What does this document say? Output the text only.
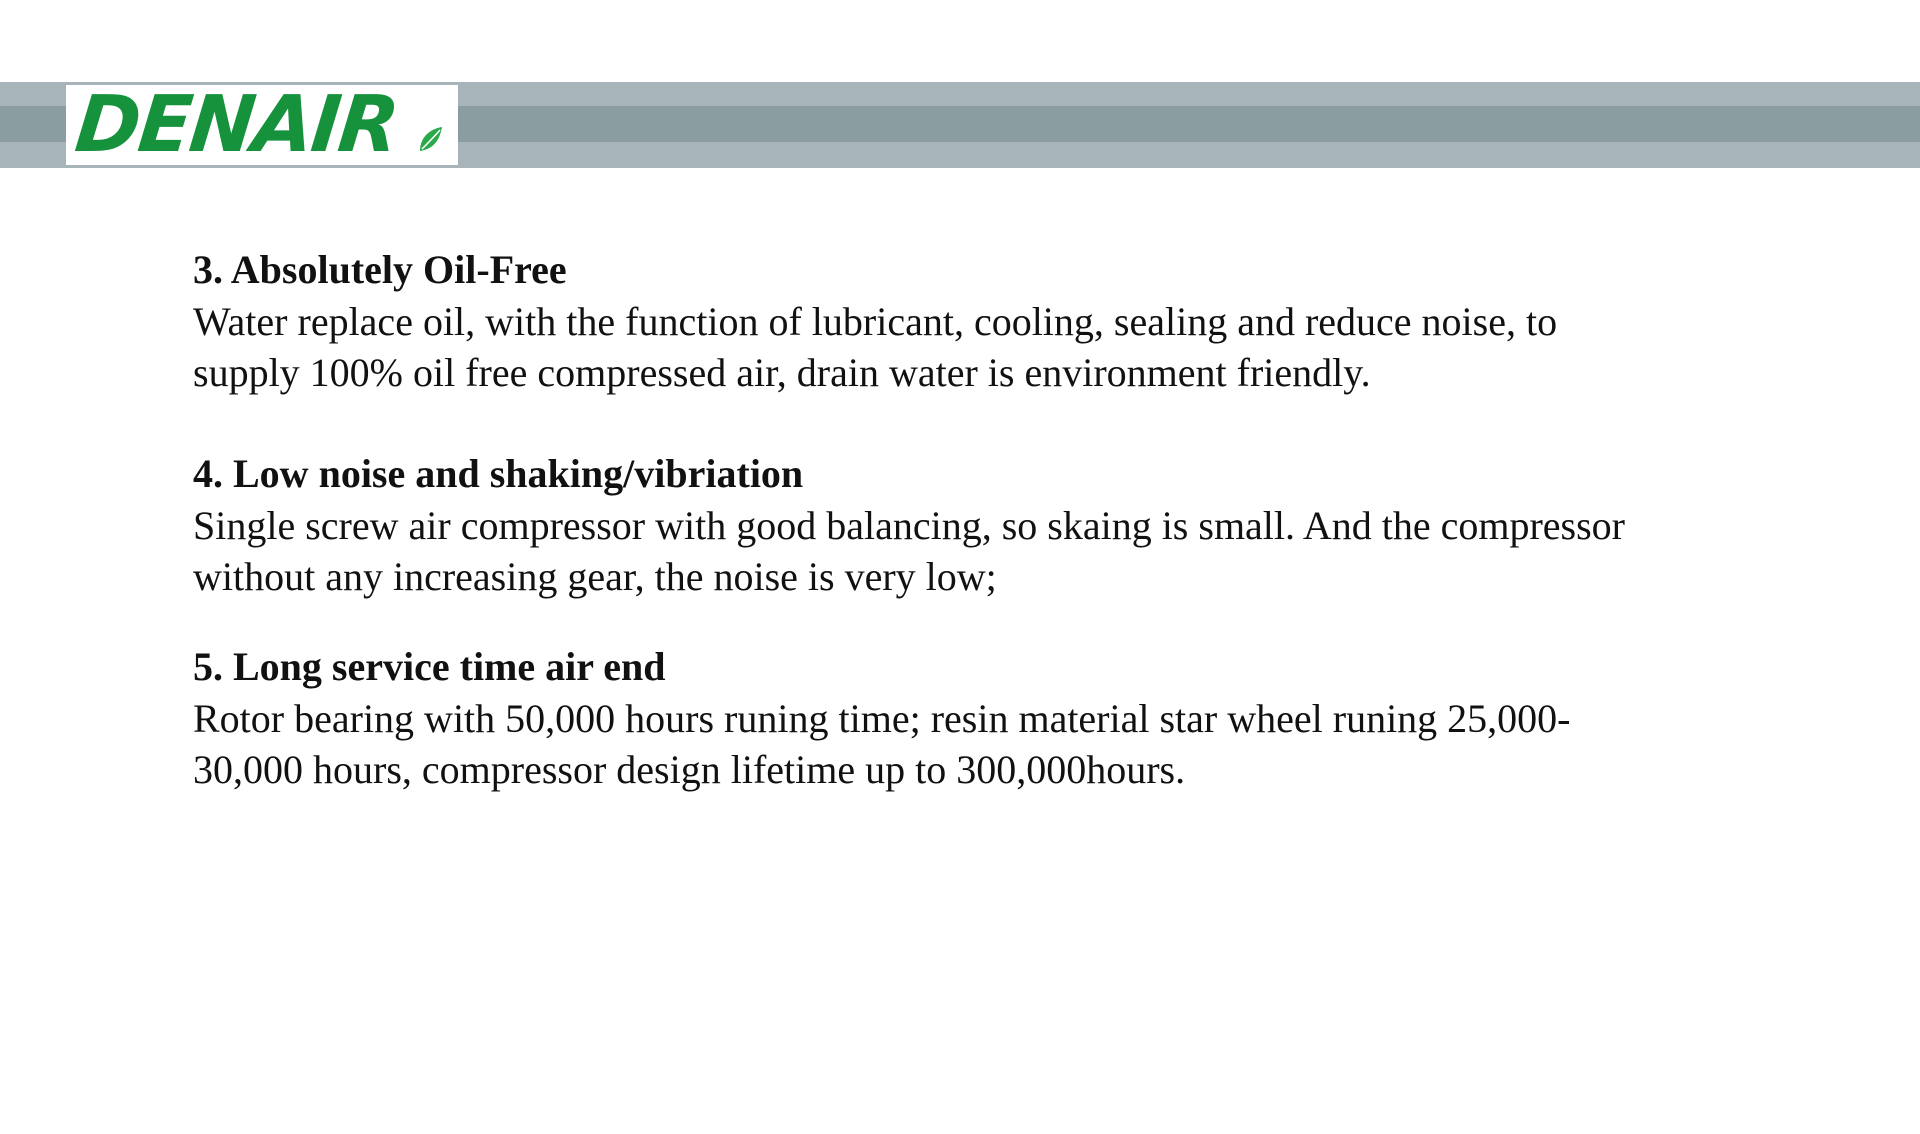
DENAIR

3. Absolutely Oil-Free

Water replace oil, with the function of lubricant, cooling, sealing and reduce noise, to

supply 100% oil free compressed air, drain water is environment friendly.

4. Low noise and shaking/vibriation

Single screw air compressor with good balancing, so skaing is small. And the compressor

without any increasing gear, the noise is very low;

5. Long service time air end

Rotor bearing with 50,000 hours runing time; resin material star wheel runing 25,000-

30,000 hours, compressor design lifetime up to 300,000hours.
